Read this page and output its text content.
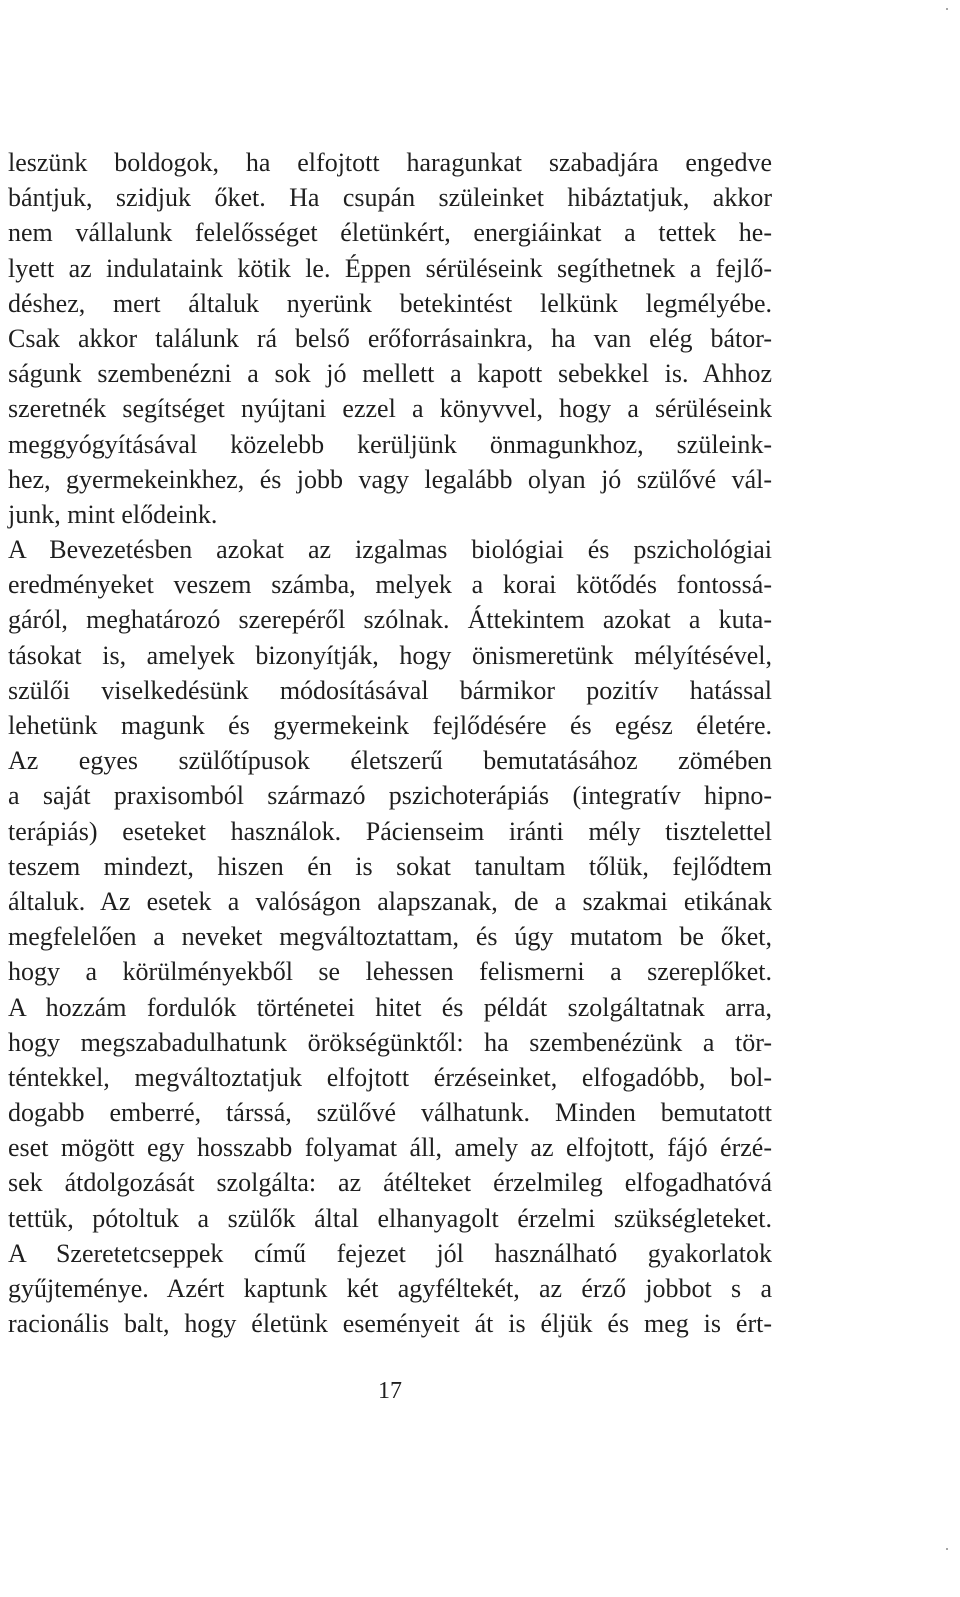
leszünk boldogok, ha elfojtott haragunkat szabadjára engedve
bántjuk, szidjuk őket. Ha csupán szüleinket hibáztatjuk, akkor
nem vállalunk felelősséget életünkért, energiáinkat a tettek he-
lyett az indulataink kötik le. Éppen sérüléseink segíthetnek a fejlő-
déshez, mert általuk nyerünk betekintést lelkünk legmélyébe.
Csak akkor találunk rá belső erőforrásainkra, ha van elég bátor-
ságunk szembenézni a sok jó mellett a kapott sebekkel is. Ahhoz
szeretnék segítséget nyújtani ezzel a könyvvel, hogy a sérüléseink
meggyógyításával közelebb kerüljünk önmagunkhoz, szüleink-
hez, gyermekeinkhez, és jobb vagy legalább olyan jó szülővé vál-
junk, mint elődeink.
A Bevezetésben azokat az izgalmas biológiai és pszichológiai
eredményeket veszem számba, melyek a korai kötődés fontossá-
gáról, meghatározó szerepéről szólnak. Áttekintem azokat a kuta-
tásokat is, amelyek bizonyítják, hogy önismeretünk mélyítésével,
szülői viselkedésünk módosításával bármikor pozitív hatással
lehetünk magunk és gyermekeink fejlődésére és egész életére.
Az egyes szülőtípusok életszerű bemutatásához zömében
a saját praxisomból származó pszichoterápiás (integratív hipno-
terápiás) eseteket használok. Pácienseim iránti mély tisztelettel
teszem mindezt, hiszen én is sokat tanultam tőlük, fejlődtem
általuk. Az esetek a valóságon alapszanak, de a szakmai etikának
megfelelően a neveket megváltoztattam, és úgy mutatom be őket,
hogy a körülményekből se lehessen felismerni a szereplőket.
A hozzám fordulók történetei hitet és példát szolgáltatnak arra,
hogy megszabadulhatunk örökségünktől: ha szembenézünk a tör-
téntekkel, megváltoztatjuk elfojtott érzéseinket, elfogadóbb, bol-
dogabb emberré, társsá, szülővé válhatunk. Minden bemutatott
eset mögött egy hosszabb folyamat áll, amely az elfojtott, fájó érzé-
sek átdolgozását szolgálta: az átélteket érzelmileg elfogadhatóvá
tettük, pótoltuk a szülők által elhanyagolt érzelmi szükségleteket.
A Szeretetcseppek című fejezet jól használható gyakorlatok
gyűjteménye. Azért kaptunk két agyféltekét, az érző jobbot s a
racionális balt, hogy életünk eseményeit át is éljük és meg is ért-
17
